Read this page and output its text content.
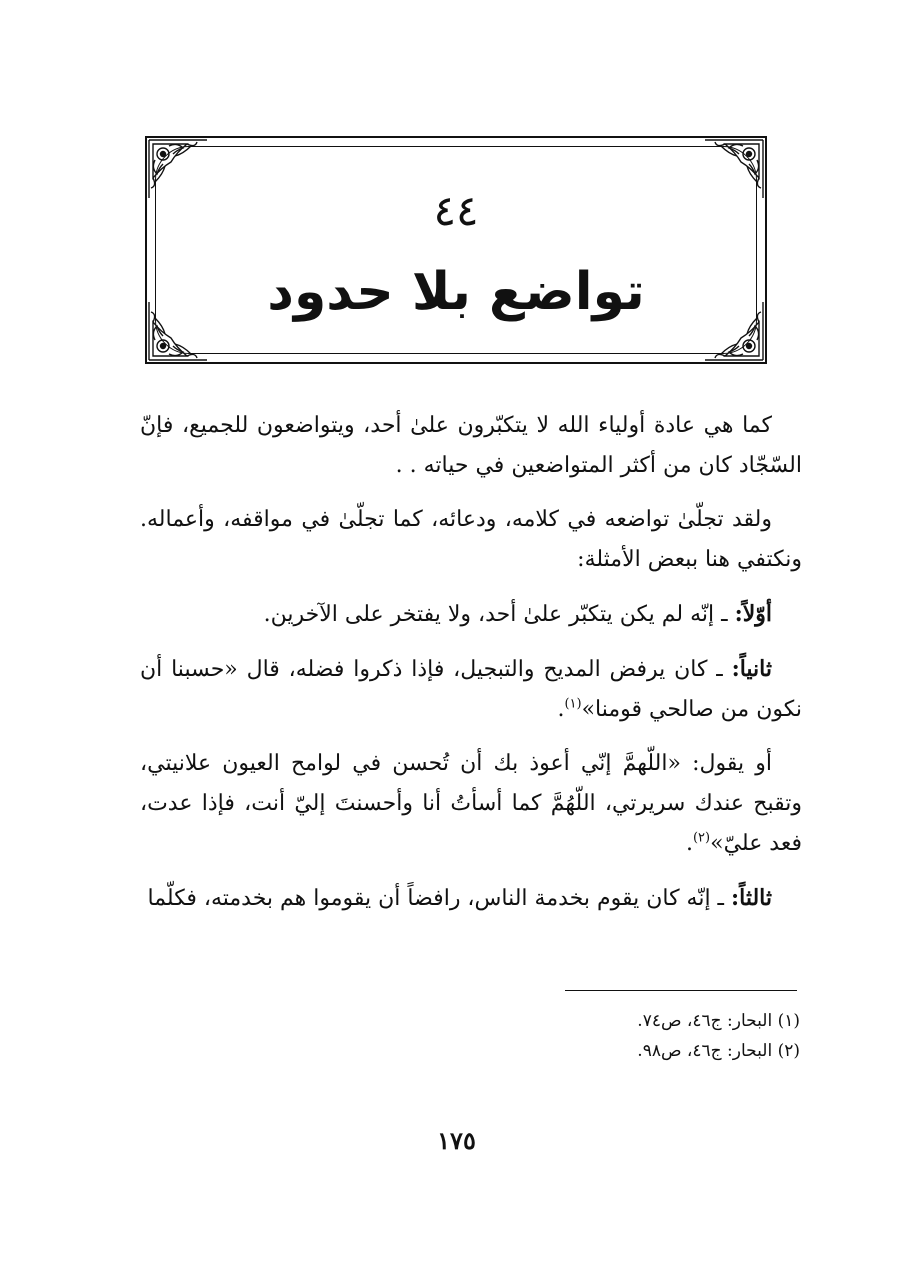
٤٤
تواضع بلا حدود

كما هي عادة أولياء الله لا يتكبّرون علىٰ أحد، ويتواضعون للجميع، فإنّ السّجّاد كان من أكثر المتواضعين في حياته . .

ولقد تجلّىٰ تواضعه في كلامه، ودعائه، كما تجلّىٰ في مواقفه، وأعماله. ونكتفي هنا ببعض الأمثلة:

أوّلاً: ـ إنّه لم يكن يتكبّر علىٰ أحد، ولا يفتخر على الآخرين.

ثانياً: ـ كان يرفض المديح والتبجيل، فإذا ذكروا فضله، قال «حسبنا أن نكون من صالحي قومنا»$^{(١)}$.

أو يقول: «اللّهمَّ إنّي أعوذ بك أن تُحسن في لوامح العيون علانيتي، وتقبح عندك سريرتي، اللّهُمَّ كما أسأتُ أنا وأحسنتَ إليّ أنت، فإذا عدت، فعد عليّ»$^{(٢)}$.

ثالثاً: ـ إنّه كان يقوم بخدمة الناس، رافضاً أن يقوموا هم بخدمته، فكلّما

(١) البحار: ج٤٦، ص٧٤.

(٢) البحار: ج٤٦، ص٩٨.

١٧٥
